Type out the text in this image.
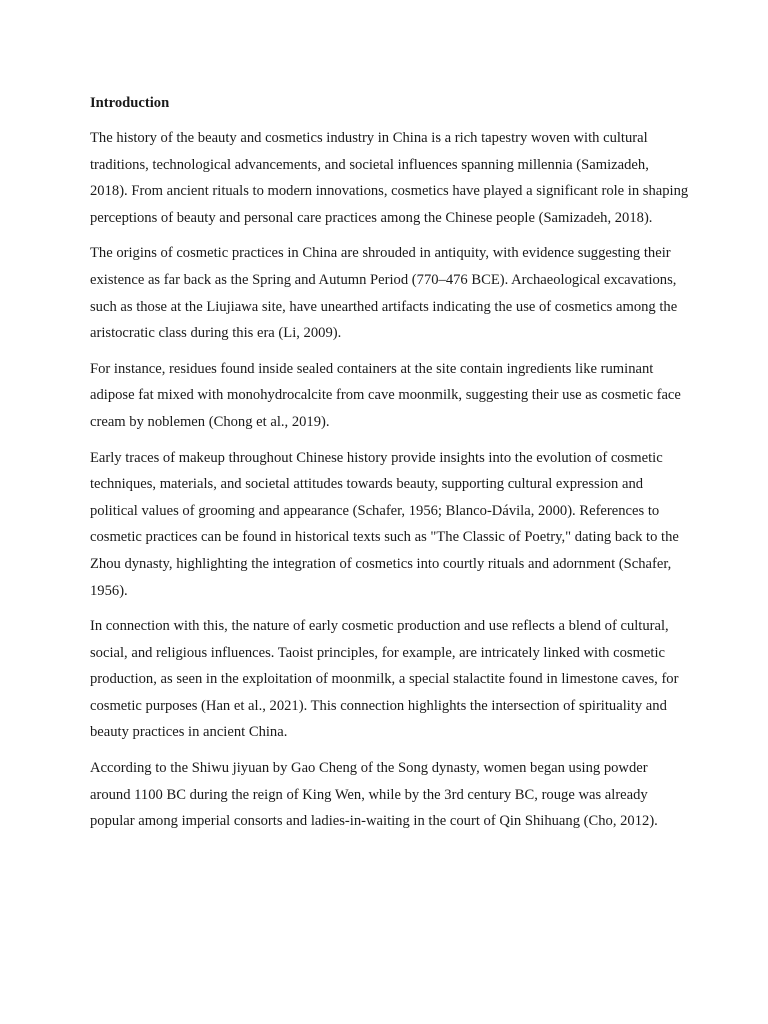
Introduction

The history of the beauty and cosmetics industry in China is a rich tapestry woven with cultural traditions, technological advancements, and societal influences spanning millennia (Samizadeh, 2018). From ancient rituals to modern innovations, cosmetics have played a significant role in shaping perceptions of beauty and personal care practices among the Chinese people (Samizadeh, 2018).

The origins of cosmetic practices in China are shrouded in antiquity, with evidence suggesting their existence as far back as the Spring and Autumn Period (770–476 BCE). Archaeological excavations, such as those at the Liujiawa site, have unearthed artifacts indicating the use of cosmetics among the aristocratic class during this era (Li, 2009).

For instance, residues found inside sealed containers at the site contain ingredients like ruminant adipose fat mixed with monohydrocalcite from cave moonmilk, suggesting their use as cosmetic face cream by noblemen (Chong et al., 2019).

Early traces of makeup throughout Chinese history provide insights into the evolution of cosmetic techniques, materials, and societal attitudes towards beauty, supporting cultural expression and political values of grooming and appearance (Schafer, 1956; Blanco-Dávila, 2000). References to cosmetic practices can be found in historical texts such as "The Classic of Poetry," dating back to the Zhou dynasty, highlighting the integration of cosmetics into courtly rituals and adornment (Schafer, 1956).

In connection with this, the nature of early cosmetic production and use reflects a blend of cultural, social, and religious influences. Taoist principles, for example, are intricately linked with cosmetic production, as seen in the exploitation of moonmilk, a special stalactite found in limestone caves, for cosmetic purposes (Han et al., 2021). This connection highlights the intersection of spirituality and beauty practices in ancient China.

According to the Shiwu jiyuan by Gao Cheng of the Song dynasty, women began using powder around 1100 BC during the reign of King Wen, while by the 3rd century BC, rouge was already popular among imperial consorts and ladies-in-waiting in the court of Qin Shihuang (Cho, 2012).
